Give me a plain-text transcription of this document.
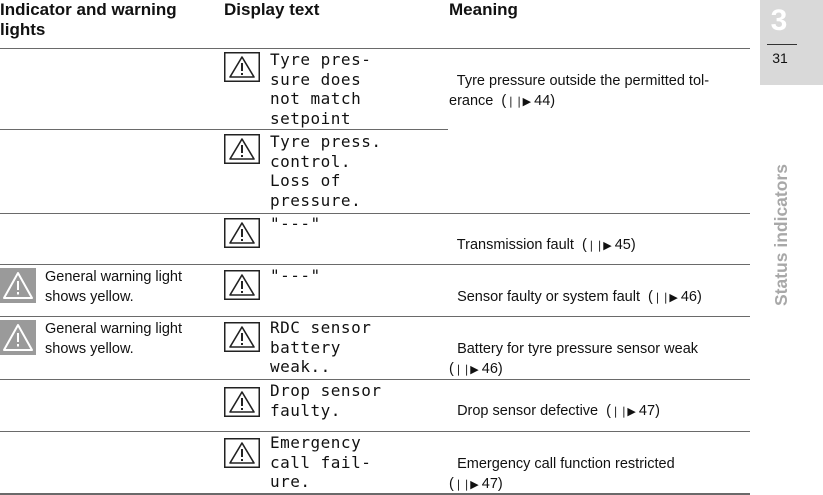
Indicator and warning lights
Display text	Meaning
Tyre pres-
sure does
not match
setpoint

Tyre pressure outside the permitted tol-
erance  (❘❘▶ 44)

Tyre press.
control.
Loss of
pressure.
"---"

Transmission fault  (❘❘▶ 45)

General warning light shows yellow.
"---"

Sensor faulty or system fault  (❘❘▶ 46)

General warning light shows yellow.
RDC sensor
battery
weak..

Battery for tyre pressure sensor weak
(❘❘▶ 46)

Drop sensor
faulty.	Drop sensor defective  (❘❘▶ 47)

Emergency
call fail-
ure.

Emergency call function restricted
(❘❘▶ 47)

3
31
Status indicators
